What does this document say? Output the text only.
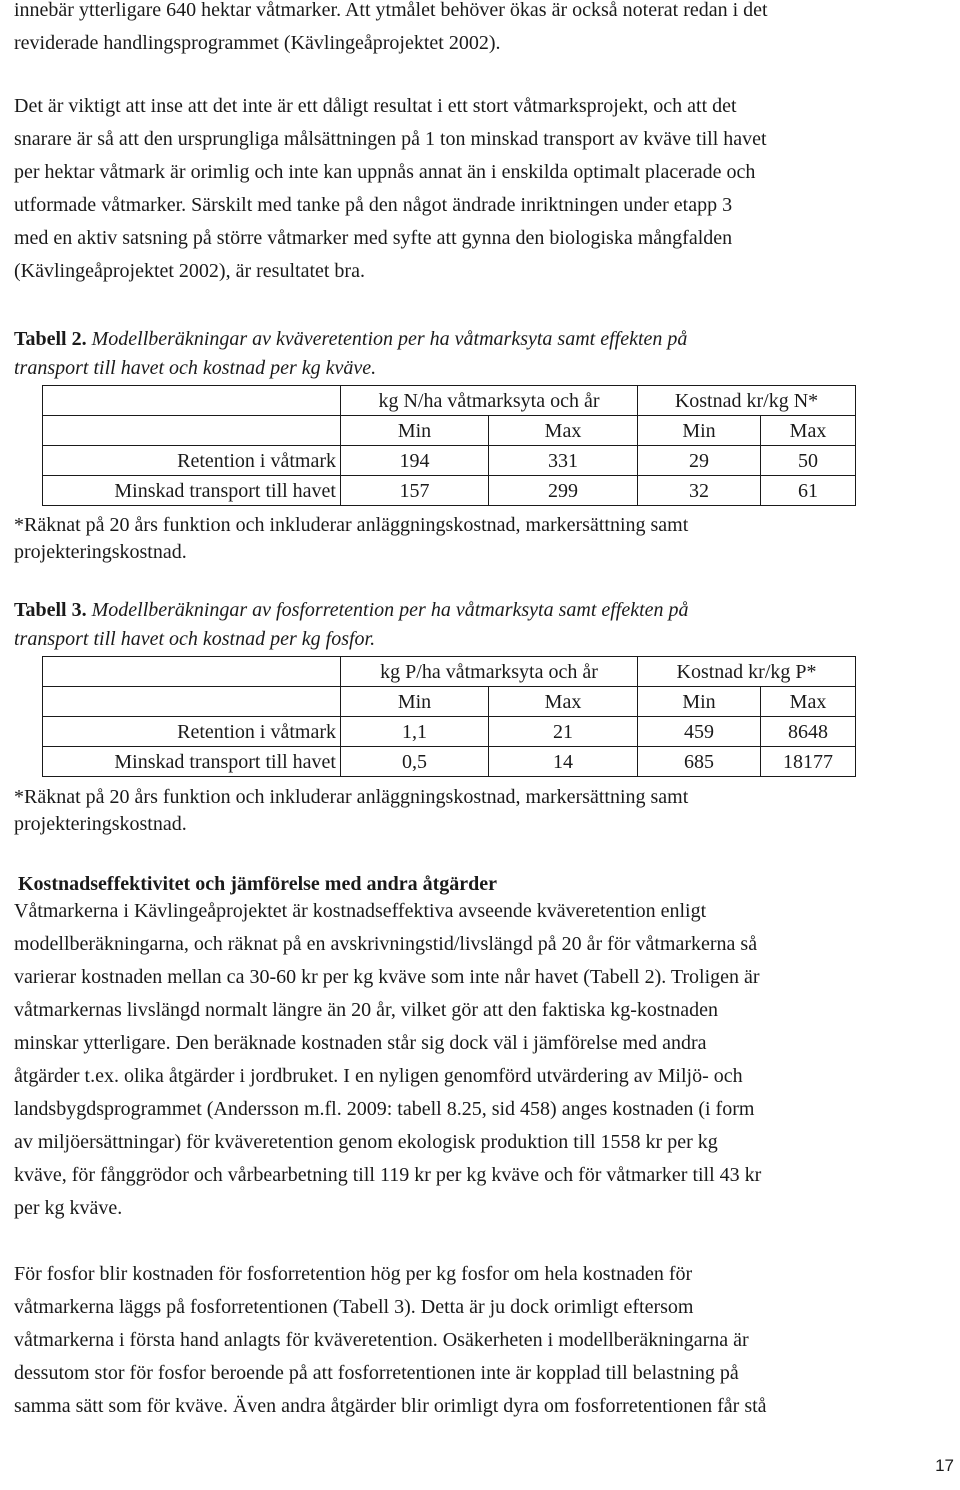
innebär ytterligare 640 hektar våtmarker. Att ytmålet behöver ökas är också noterat redan i det
reviderade handlingsprogrammet (Kävlingeåprojektet 2002).
Det är viktigt att inse att det inte är ett dåligt resultat i ett stort våtmarksprojekt, och att det
snarare är så att den ursprungliga målsättningen på 1 ton minskad transport av kväve till havet
per hektar våtmark är orimlig och inte kan uppnås annat än i enskilda optimalt placerade och
utformade våtmarker. Särskilt med tanke på den något ändrade inriktningen under etapp 3
med en aktiv satsning på större våtmarker med syfte att gynna den biologiska mångfalden
(Kävlingeåprojektet 2002), är resultatet bra.
Tabell 2. Modellberäkningar av kväveretention per ha våtmarksyta samt effekten på
transport till havet och kostnad per kg kväve.
	kg N/ha våtmarksyta och år		Kostnad kr/kg N*	
	Min	Max	Min	Max
Retention i våtmark	194	331	29	50
Minskad transport till havet	157	299	32	61
*Räknat på 20 års funktion och inkluderar anläggningskostnad, markersättning samt
projekteringskostnad.
Tabell 3. Modellberäkningar av fosforretention per ha våtmarksyta samt effekten på
transport till havet och kostnad per kg fosfor.
	kg P/ha våtmarksyta och år		Kostnad kr/kg P*	
	Min	Max	Min	Max
Retention i våtmark	1,1	21	459	8648
Minskad transport till havet	0,5	14	685	18177
*Räknat på 20 års funktion och inkluderar anläggningskostnad, markersättning samt
projekteringskostnad.
Kostnadseffektivitet och jämförelse med andra åtgärder
Våtmarkerna i Kävlingeåprojektet är kostnadseffektiva avseende kväveretention enligt
modellberäkningarna, och räknat på en avskrivningstid/livslängd på 20 år för våtmarkerna så
varierar kostnaden mellan ca 30-60 kr per kg kväve som inte når havet (Tabell 2). Troligen är
våtmarkernas livslängd normalt längre än 20 år, vilket gör att den faktiska kg-kostnaden
minskar ytterligare. Den beräknade kostnaden står sig dock väl i jämförelse med andra
åtgärder t.ex. olika åtgärder i jordbruket. I en nyligen genomförd utvärdering av Miljö- och
landsbygdsprogrammet (Andersson m.fl. 2009: tabell 8.25, sid 458) anges kostnaden (i form
av miljöersättningar) för kväveretention genom ekologisk produktion till 1558 kr per kg
kväve, för fånggrödor och vårbearbetning till 119 kr per kg kväve och för våtmarker till 43 kr
per kg kväve.
För fosfor blir kostnaden för fosforretention hög per kg fosfor om hela kostnaden för
våtmarkerna läggs på fosforretentionen (Tabell 3). Detta är ju dock orimligt eftersom
våtmarkerna i första hand anlagts för kväveretention. Osäkerheten i modellberäkningarna är
dessutom stor för fosfor beroende på att fosforretentionen inte är kopplad till belastning på
samma sätt som för kväve. Även andra åtgärder blir orimligt dyra om fosforretentionen får stå
17
